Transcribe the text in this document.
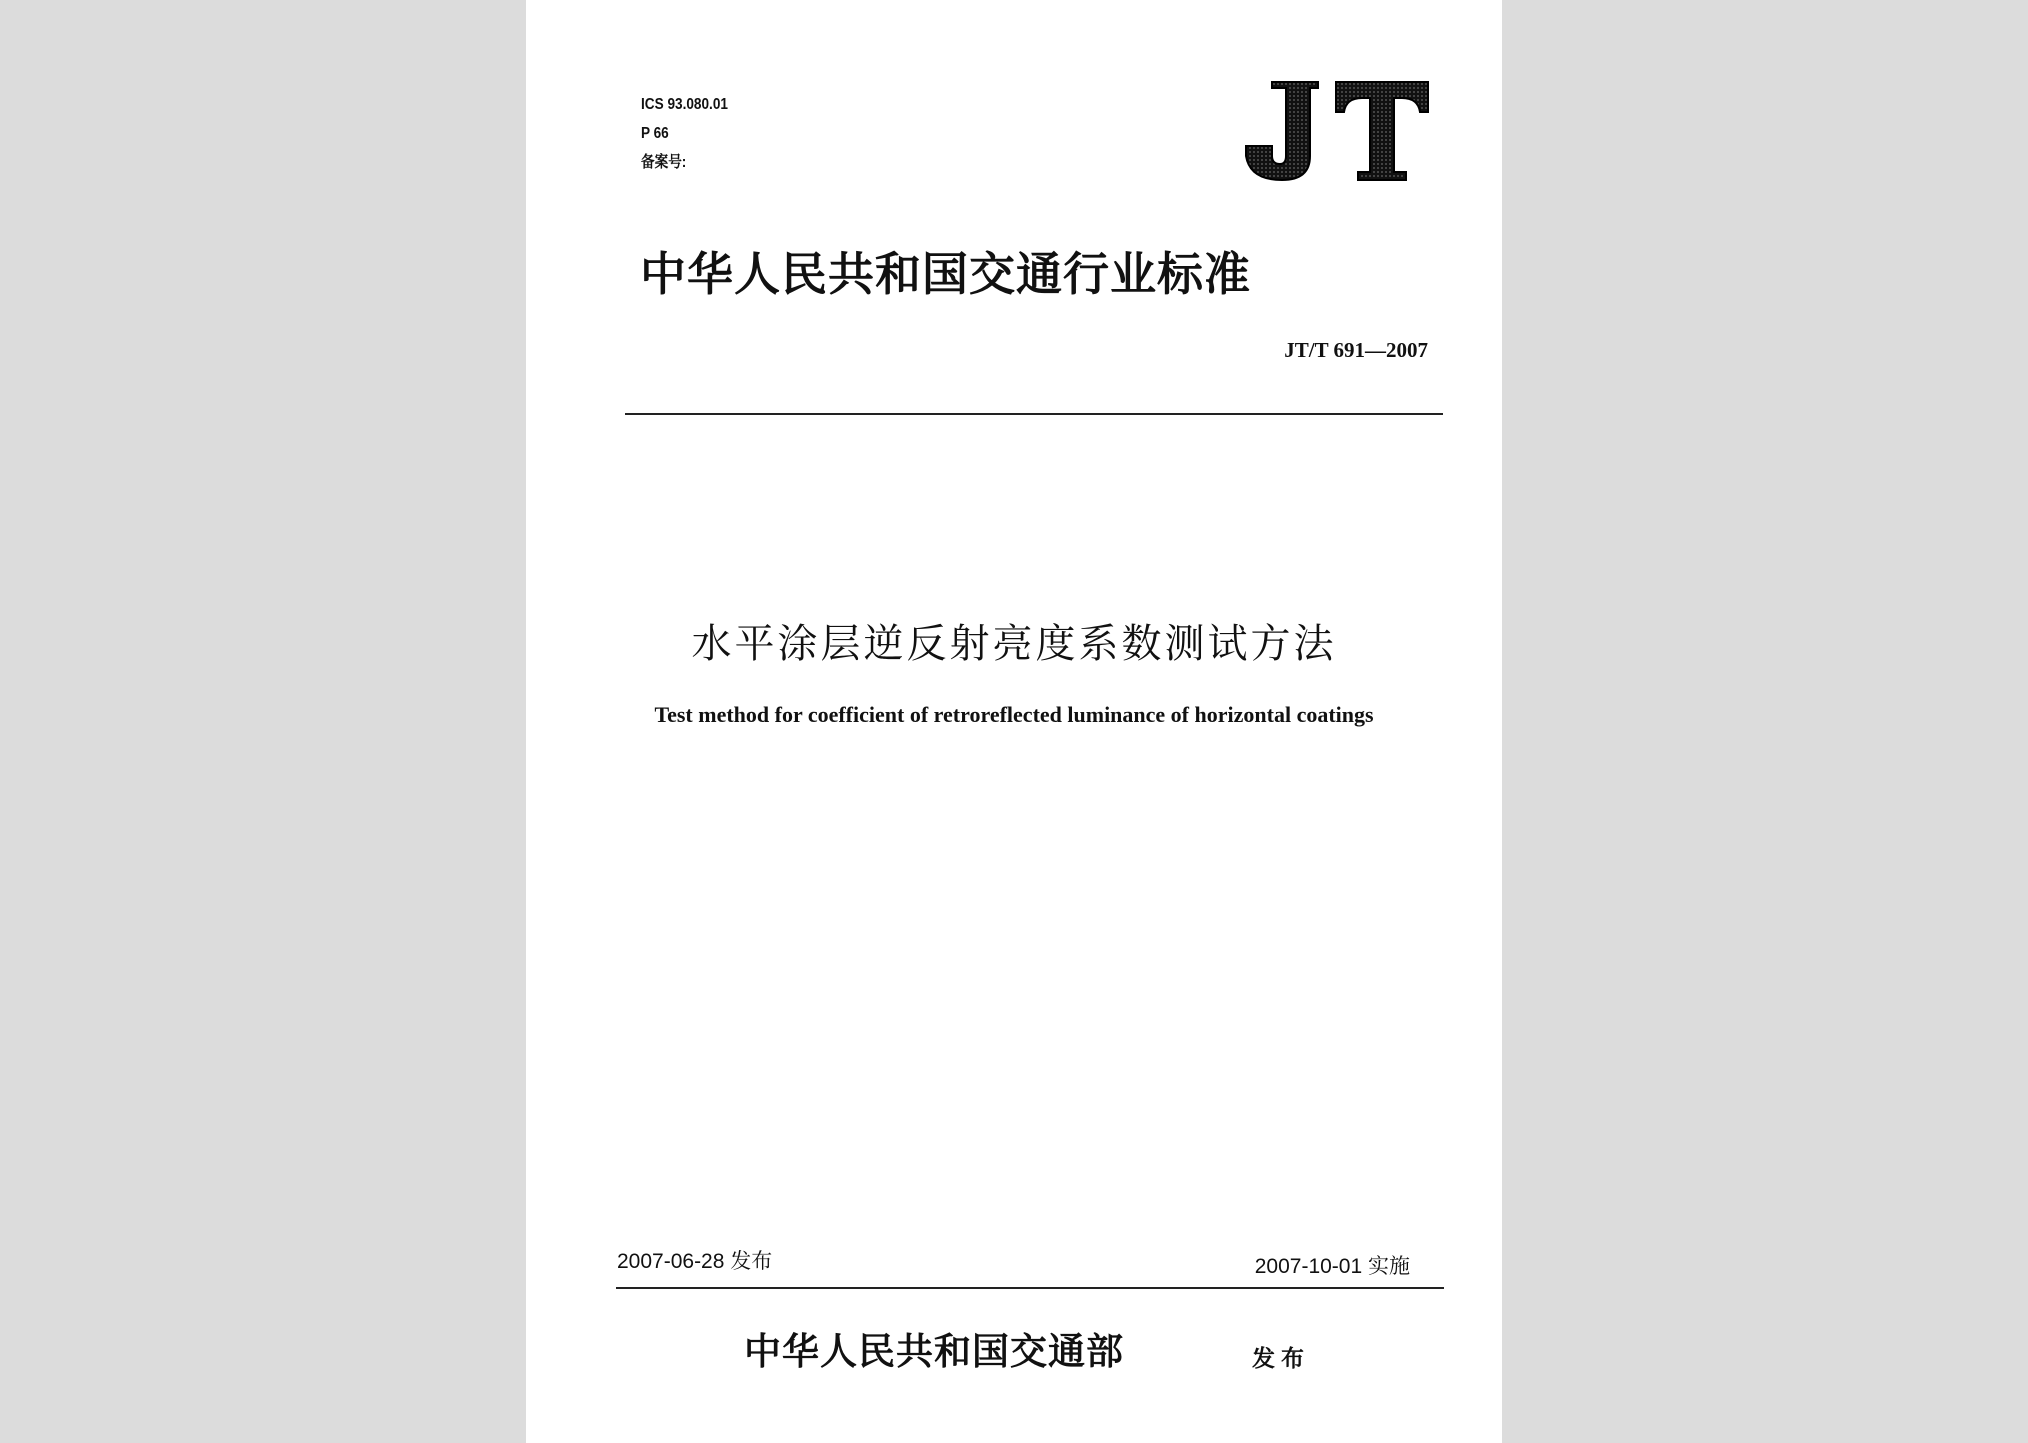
ICS 93.080.01
P 66
备案号:
中华人民共和国交通行业标准
JT/T 691—2007
水平涂层逆反射亮度系数测试方法
Test method for coefficient of retroreflected luminance of horizontal coatings
2007-06-28 发布	2007-10-01 实施
中华人民共和国交通部	发布
